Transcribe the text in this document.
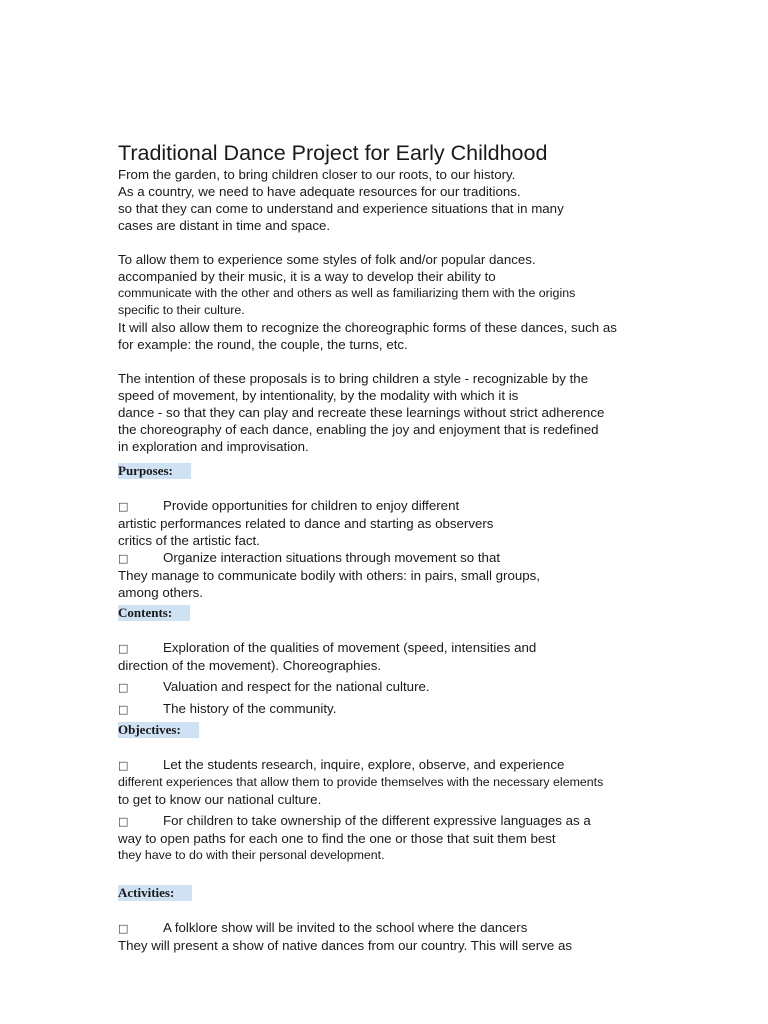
Traditional Dance Project for Early Childhood
From the garden, to bring children closer to our roots, to our history.
As a country, we need to have adequate resources for our traditions.
so that they can come to understand and experience situations that in many
cases are distant in time and space.
To allow them to experience some styles of folk and/or popular dances.
accompanied by their music, it is a way to develop their ability to
communicate with the other and others as well as familiarizing them with the origins
specific to their culture.
It will also allow them to recognize the choreographic forms of these dances, such as
for example: the round, the couple, the turns, etc.
The intention of these proposals is to bring children a style - recognizable by the
speed of movement, by intentionality, by the modality with which it is
dance - so that they can play and recreate these learnings without strict adherence
the choreography of each dance, enabling the joy and enjoyment that is redefined
in exploration and improvisation.
Purposes:
□	Provide opportunities for children to enjoy different
artistic performances related to dance and starting as observers
critics of the artistic fact.
□	Organize interaction situations through movement so that
They manage to communicate bodily with others: in pairs, small groups,
among others.
Contents:
□	Exploration of the qualities of movement (speed, intensities and
direction of the movement). Choreographies.
□	Valuation and respect for the national culture.
□	The history of the community.
Objectives:
□	Let the students research, inquire, explore, observe, and experience
different experiences that allow them to provide themselves with the necessary elements
to get to know our national culture.
□	For children to take ownership of the different expressive languages as a
way to open paths for each one to find the one or those that suit them best
they have to do with their personal development.
Activities:
□	A folklore show will be invited to the school where the dancers
They will present a show of native dances from our country. This will serve as
